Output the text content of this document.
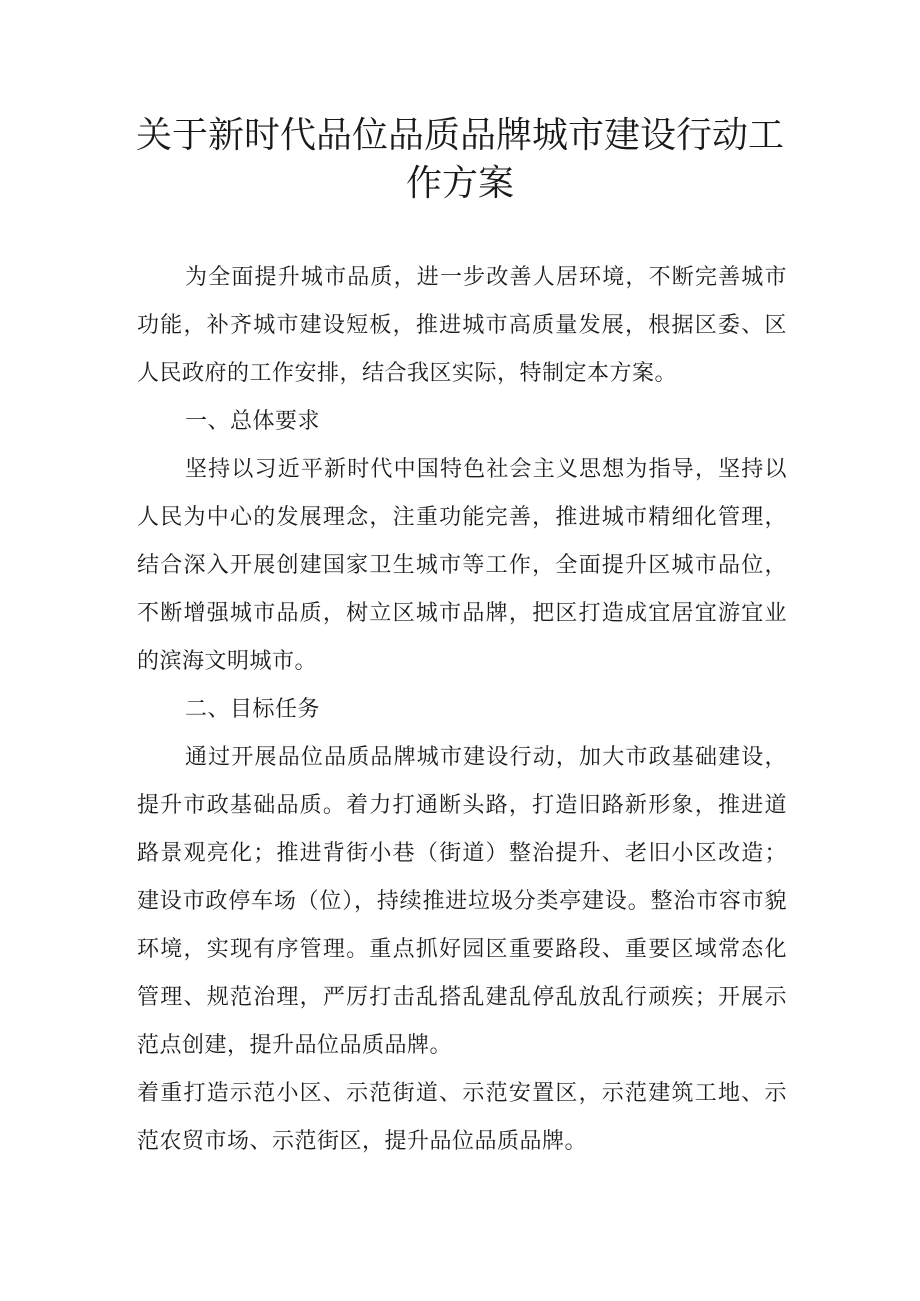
关于新时代品位品质品牌城市建设行动工
作方案

为全面提升城市品质，进一步改善人居环境，不断完善城市功能，补齐城市建设短板，推进城市高质量发展，根据区委、区人民政府的工作安排，结合我区实际，特制定本方案。

一、总体要求

坚持以习近平新时代中国特色社会主义思想为指导，坚持以人民为中心的发展理念，注重功能完善，推进城市精细化管理，结合深入开展创建国家卫生城市等工作，全面提升区城市品位，不断增强城市品质，树立区城市品牌，把区打造成宜居宜游宜业的滨海文明城市。

二、目标任务

通过开展品位品质品牌城市建设行动，加大市政基础建设，提升市政基础品质。着力打通断头路，打造旧路新形象，推进道路景观亮化；推进背街小巷（街道）整治提升、老旧小区改造；建设市政停车场（位），持续推进垃圾分类亭建设。整治市容市貌环境，实现有序管理。重点抓好园区重要路段、重要区域常态化管理、规范治理，严厉打击乱搭乱建乱停乱放乱行顽疾；开展示范点创建，提升品位品质品牌。

着重打造示范小区、示范街道、示范安置区，示范建筑工地、示范农贸市场、示范街区，提升品位品质品牌。
